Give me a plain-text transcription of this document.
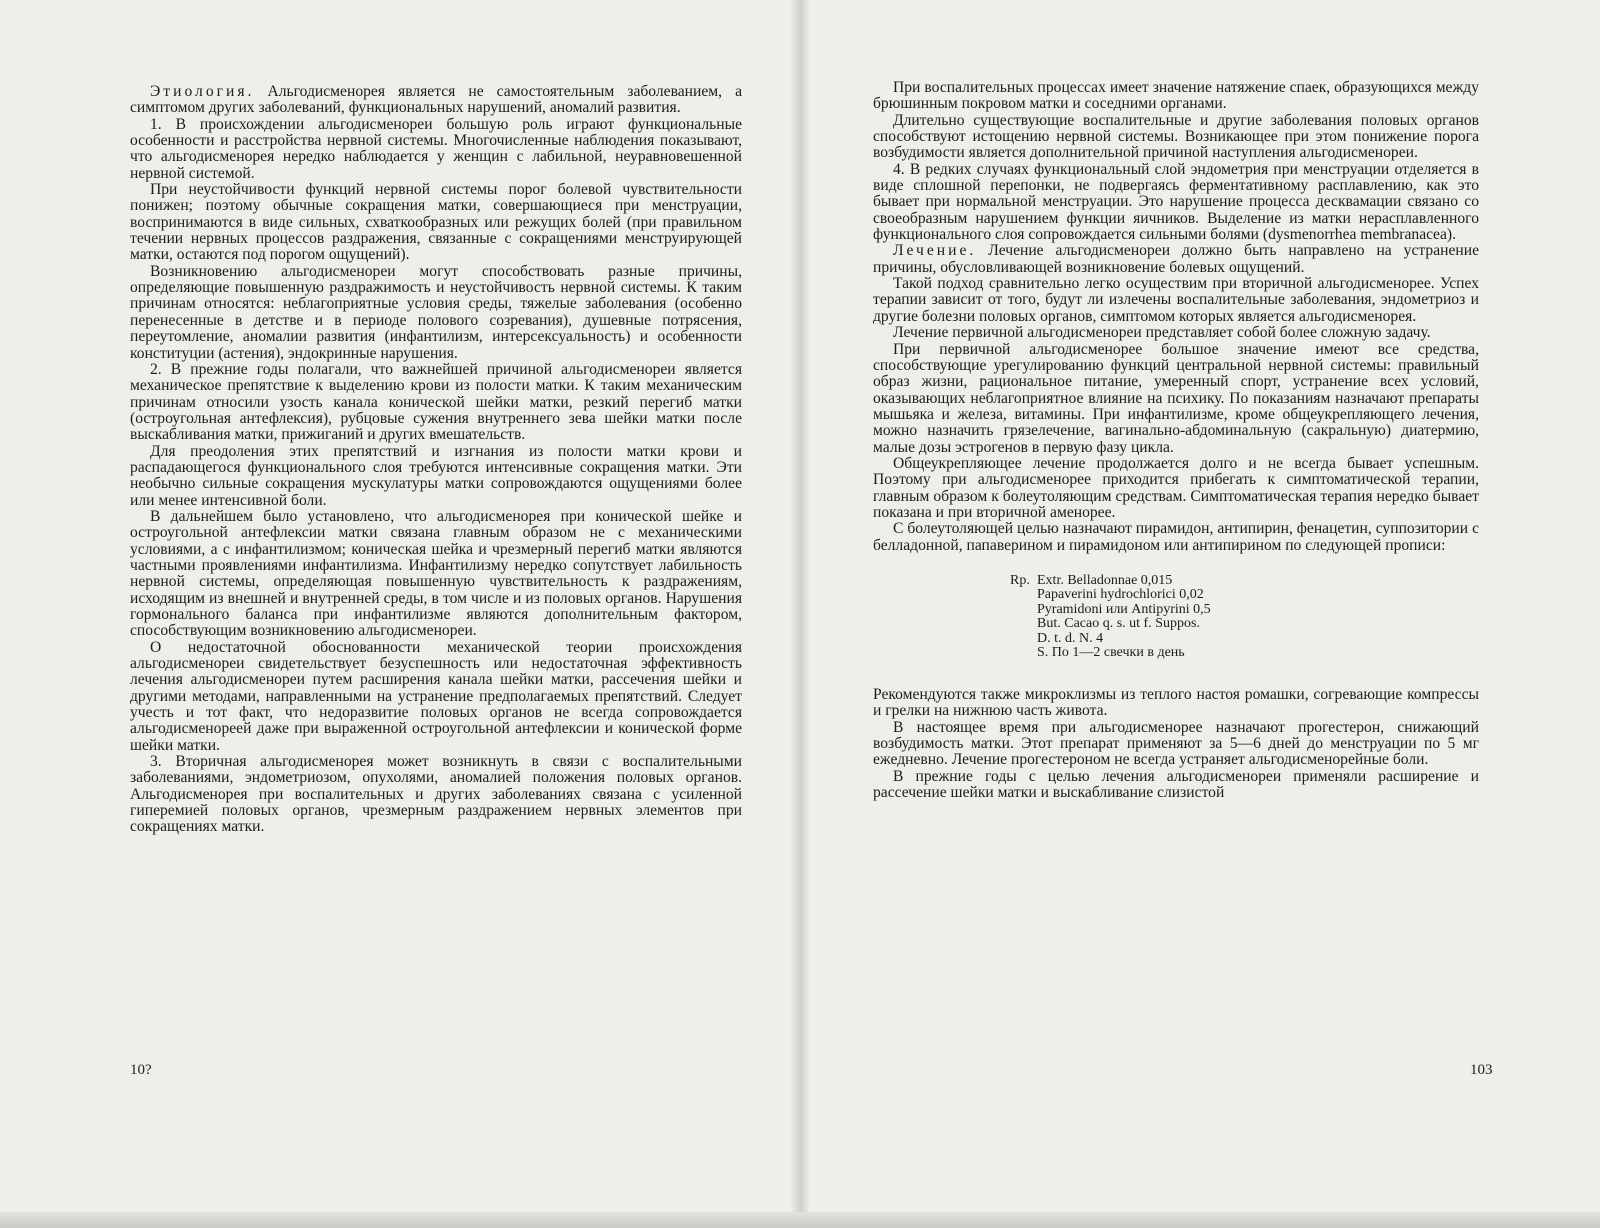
Этиология. Альгодисменорея является не самостоятельным заболеванием, а симптомом других заболеваний, функциональных нарушений, аномалий развития.

1. В происхождении альгодисменореи большую роль играют функциональные особенности и расстройства нервной системы. Многочисленные наблюдения показывают, что альгодисменорея нередко наблюдается у женщин с лабильной, неуравновешенной нервной системой.

При неустойчивости функций нервной системы порог болевой чувствительности понижен; поэтому обычные сокращения матки, совершающиеся при менструации, воспринимаются в виде сильных, схваткообразных или режущих болей (при правильном течении нервных процессов раздражения, связанные с сокращениями менструирующей матки, остаются под порогом ощущений).

Возникновению альгодисменореи могут способствовать разные причины, определяющие повышенную раздражимость и неустойчивость нервной системы. К таким причинам относятся: неблагоприятные условия среды, тяжелые заболевания (особенно перенесенные в детстве и в периоде полового созревания), душевные потрясения, переутомление, аномалии развития (инфантилизм, интерсексуальность) и особенности конституции (астения), эндокринные нарушения.

2. В прежние годы полагали, что важнейшей причиной альгодисменореи является механическое препятствие к выделению крови из полости матки. К таким механическим причинам относили узость канала конической шейки матки, резкий перегиб матки (остроугольная антефлексия), рубцовые сужения внутреннего зева шейки матки после выскабливания матки, прижиганий и других вмешательств.

Для преодоления этих препятствий и изгнания из полости матки крови и распадающегося функционального слоя требуются интенсивные сокращения матки. Эти необычно сильные сокращения мускулатуры матки сопровождаются ощущениями более или менее интенсивной боли.

В дальнейшем было установлено, что альгодисменорея при конической шейке и остроугольной антефлексии матки связана главным образом не с механическими условиями, а с инфантилизмом; коническая шейка и чрезмерный перегиб матки являются частными проявлениями инфантилизма. Инфантилизму нередко сопутствует лабильность нервной системы, определяющая повышенную чувствительность к раздражениям, исходящим из внешней и внутренней среды, в том числе и из половых органов. Нарушения гормонального баланса при инфантилизме являются дополнительным фактором, способствующим возникновению альгодисменореи.

О недостаточной обоснованности механической теории происхождения альгодисменореи свидетельствует безуспешность или недостаточная эффективность лечения альгодисменореи путем расширения канала шейки матки, рассечения шейки и другими методами, направленными на устранение предполагаемых препятствий. Следует учесть и тот факт, что недоразвитие половых органов не всегда сопровождается альгодисменореей даже при выраженной остроугольной антефлексии и конической форме шейки матки.

3. Вторичная альгодисменорея может возникнуть в связи с воспалительными заболеваниями, эндометриозом, опухолями, аномалией положения половых органов. Альгодисменорея при воспалительных и других заболеваниях связана с усиленной гиперемией половых органов, чрезмерным раздражением нервных элементов при сокращениях матки.

10?

При воспалительных процессах имеет значение натяжение спаек, образующихся между брюшинным покровом матки и соседними органами.

Длительно существующие воспалительные и другие заболевания половых органов способствуют истощению нервной системы. Возникающее при этом понижение порога возбудимости является дополнительной причиной наступления альгодисменореи.

4. В редких случаях функциональный слой эндометрия при менструации отделяется в виде сплошной перепонки, не подвергаясь ферментативному расплавлению, как это бывает при нормальной менструации. Это нарушение процесса десквамации связано со своеобразным нарушением функции яичников. Выделение из матки нерасплавленного функционального слоя сопровождается сильными болями (dysmenorrhea membranacea).

Лечение. Лечение альгодисменореи должно быть направлено на устранение причины, обусловливающей возникновение болевых ощущений.

Такой подход сравнительно легко осуществим при вторичной альгодисменорее. Успех терапии зависит от того, будут ли излечены воспалительные заболевания, эндометриоз и другие болезни половых органов, симптомом которых является альгодисменорея.

Лечение первичной альгодисменореи представляет собой более сложную задачу.

При первичной альгодисменорее большое значение имеют все средства, способствующие урегулированию функций центральной нервной системы: правильный образ жизни, рациональное питание, умеренный спорт, устранение всех условий, оказывающих неблагоприятное влияние на психику. По показаниям назначают препараты мышьяка и железа, витамины. При инфантилизме, кроме общеукрепляющего лечения, можно назначить грязелечение, вагинально-абдоминальную (сакральную) диатермию, малые дозы эстрогенов в первую фазу цикла.

Общеукрепляющее лечение продолжается долго и не всегда бывает успешным. Поэтому при альгодисменорее приходится прибегать к симптоматической терапии, главным образом к болеутоляющим средствам. Симптоматическая терапия нередко бывает показана и при вторичной аменорее.

С болеутоляющей целью назначают пирамидон, антипирин, фенацетин, суппозитории с белладонной, папаверином и пирамидоном или антипирином по следующей прописи:

Rp. Extr. Belladonnae 0,015
Papaverini hydrochlorici 0,02
Pyramidoni или Antipyrini 0,5
But. Cacao q. s. ut f. Suppos.
D. t. d. N. 4
S. По 1—2 свечки в день

Рекомендуются также микроклизмы из теплого настоя ромашки, согревающие компрессы и грелки на нижнюю часть живота.

В настоящее время при альгодисменорее назначают прогестерон, снижающий возбудимость матки. Этот препарат применяют за 5—6 дней до менструации по 5 мг ежедневно. Лечение прогестероном не всегда устраняет альгодисменорейные боли.

В прежние годы с целью лечения альгодисменореи применяли расширение и рассечение шейки матки и выскабливание слизистой

103
